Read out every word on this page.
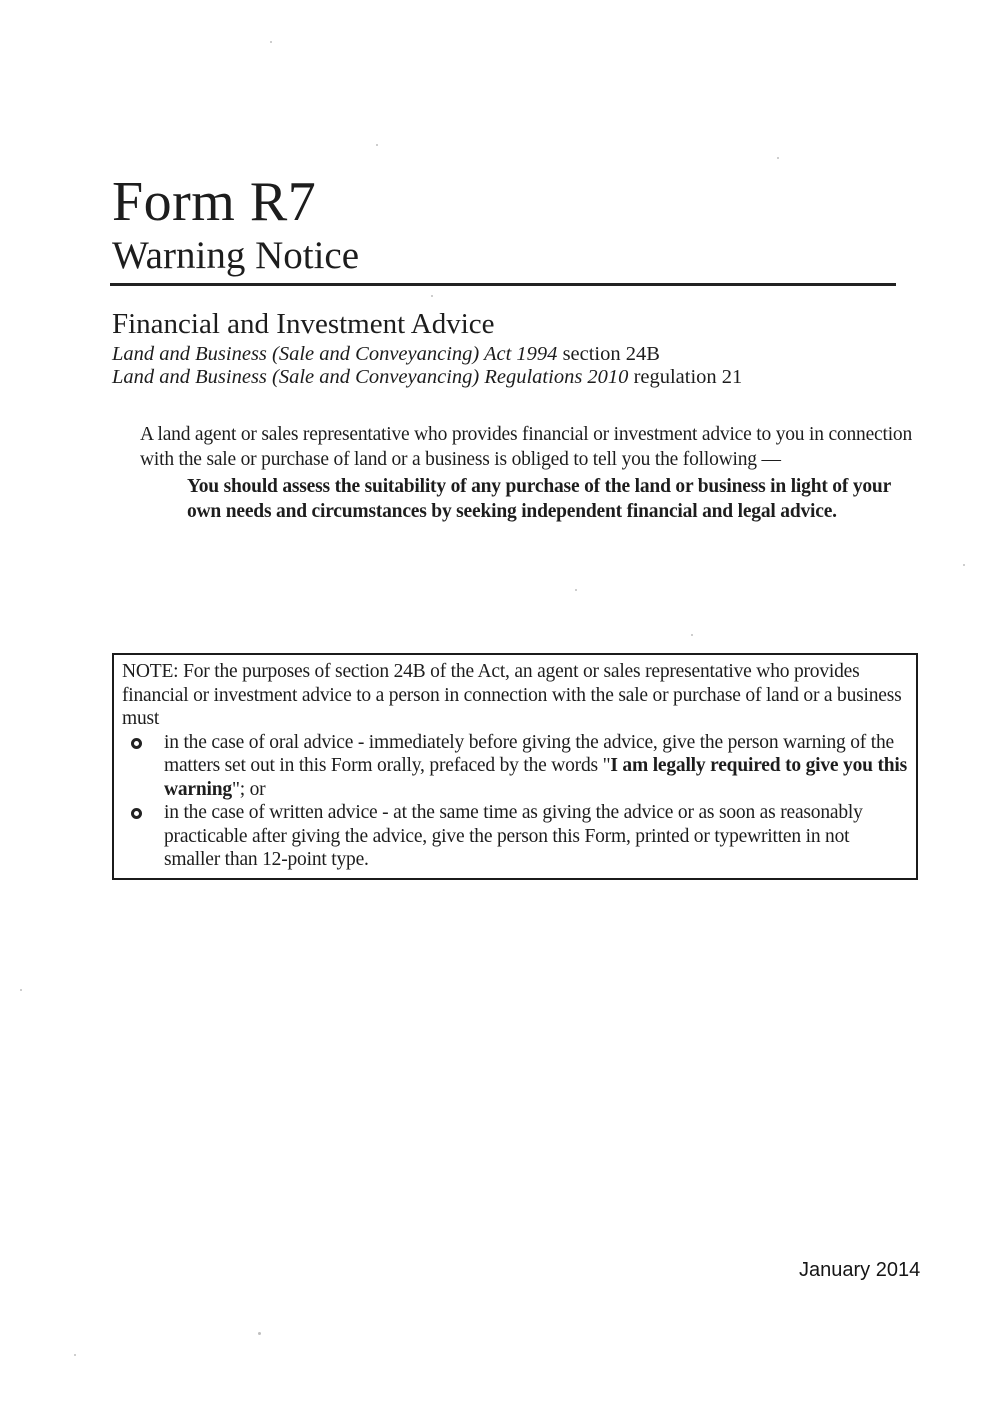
Form R7
Warning Notice
Financial and Investment Advice

Land and Business (Sale and Conveyancing) Act 1994 section 24B

Land and Business (Sale and Conveyancing) Regulations 2010 regulation 21

A land agent or sales representative who provides financial or investment advice to you in connection with the sale or purchase of land or a business is obliged to tell you the following —

You should assess the suitability of any purchase of the land or business in light of your own needs and circumstances by seeking independent financial and legal advice.

NOTE: For the purposes of section 24B of the Act, an agent or sales representative who provides financial or investment advice to a person in connection with the sale or purchase of land or a business must

in the case of oral advice - immediately before giving the advice, give the person warning of the matters set out in this Form orally, prefaced by the words "I am legally required to give you this warning"; or

in the case of written advice - at the same time as giving the advice or as soon as reasonably practicable after giving the advice, give the person this Form, printed or typewritten in not smaller than 12-point type.

January 2014
